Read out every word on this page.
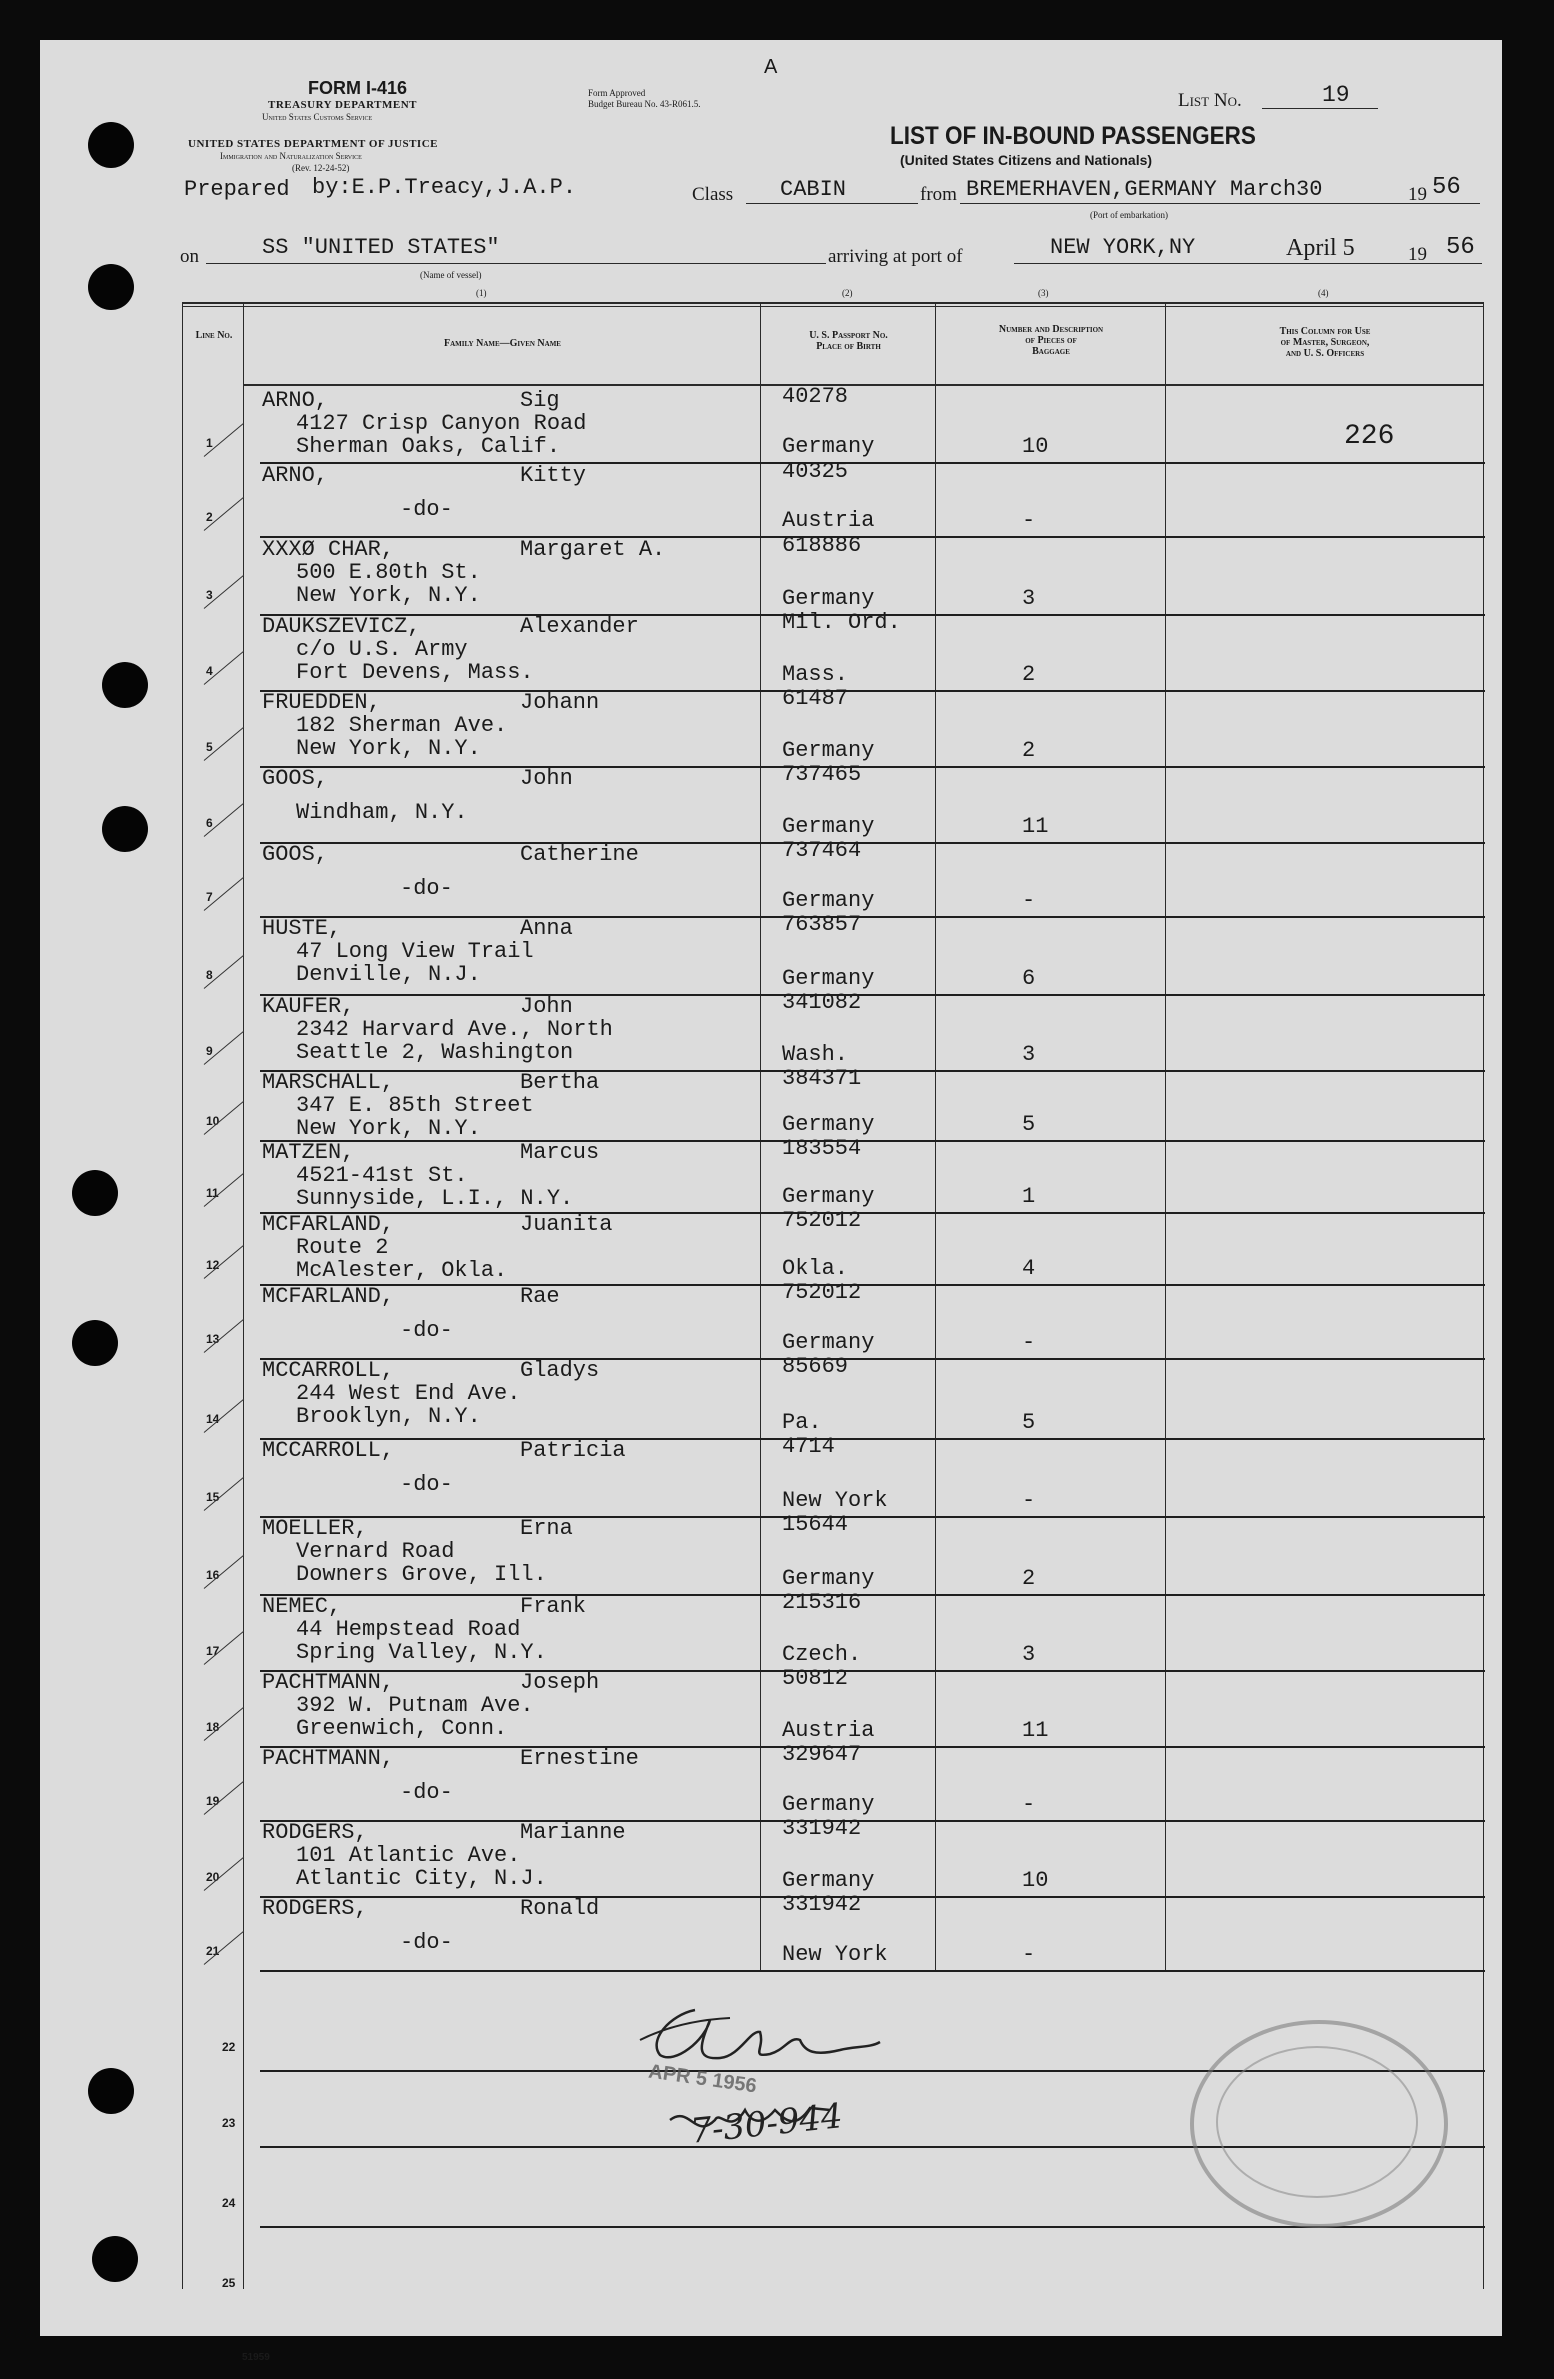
FORM I-416
TREASURY DEPARTMENT
United States Customs Service
UNITED STATES DEPARTMENT OF JUSTICE
Immigration and Naturalization Service
(Rev. 12-24-52)
Form Approved
Budget Bureau No. 43-R061.5.
A
LIST OF IN-BOUND PASSENGERS
(United States Citizens and Nationals)
List No.	19
Prepared by:E.P.Treacy,J.A.P.	Class CABIN	from BREMERHAVEN,GERMANY March30	19 56
(Port of embarkation)
on	SS "UNITED STATES"
(Name of vessel)
arriving at port of	NEW YORK,NY	April 5	19 56
(1)	(2)	(3)	(4)
Line No.
Family Name—Given Name
U. S. Passport No.
Place of Birth
Number and Description
of Pieces of
Baggage
This Column for Use
of Master, Surgeon,
and U. S. Officers
ARNO,	Sig
4127 Crisp Canyon Road
Sherman Oaks, Calif.
40278
Germany	10	226
1
ARNO,	Kitty
-do-
40325
Austria	-
2
XXXØ CHAR,	Margaret A.
500 E.80th St.
New York, N.Y.
618886
Germany	3
3
DAUKSZEVICZ,	Alexander
c/o U.S. Army
Fort Devens, Mass.
Mil. Ord.
Mass.	2
4
FRUEDDEN,	Johann
182 Sherman Ave.
New York, N.Y.
61487
Germany	2
5
GOOS,	John
Windham, N.Y.
737465
Germany	11
6
GOOS,	Catherine
-do-
737464
Germany	-
7
HUSTE,	Anna
47 Long View Trail
Denville, N.J.
763857
Germany	6
8
KAUFER,	John
2342 Harvard Ave., North
Seattle 2, Washington
341082
Wash.	3
9
MARSCHALL,	Bertha
347 E. 85th Street
New York, N.Y.
384371
Germany	5
10
MATZEN,	Marcus
4521-41st St.
Sunnyside, L.I., N.Y.
183554
Germany	1
11
MCFARLAND,	Juanita
Route 2
McAlester, Okla.
752012
Okla.	4
12
MCFARLAND,	Rae
-do-
752012
Germany	-
13
MCCARROLL,	Gladys
244 West End Ave.
Brooklyn, N.Y.
85669
Pa.	5
14
MCCARROLL,	Patricia
-do-
4714
New York	-
15
MOELLER,	Erna
Vernard Road
Downers Grove, Ill.
15644
Germany	2
16
NEMEC,	Frank
44 Hempstead Road
Spring Valley, N.Y.
215316
Czech.	3
17
PACHTMANN,	Joseph
392 W. Putnam Ave.
Greenwich, Conn.
50812
Austria	11
18
PACHTMANN,	Ernestine
-do-
329647
Germany	-
19
RODGERS,	Marianne
101 Atlantic Ave.
Atlantic City, N.J.
331942
Germany	10
20
RODGERS,	Ronald
-do-
331942
New York	-
21
22
23
24
25
APR 5 1956
7-30-944
51959
